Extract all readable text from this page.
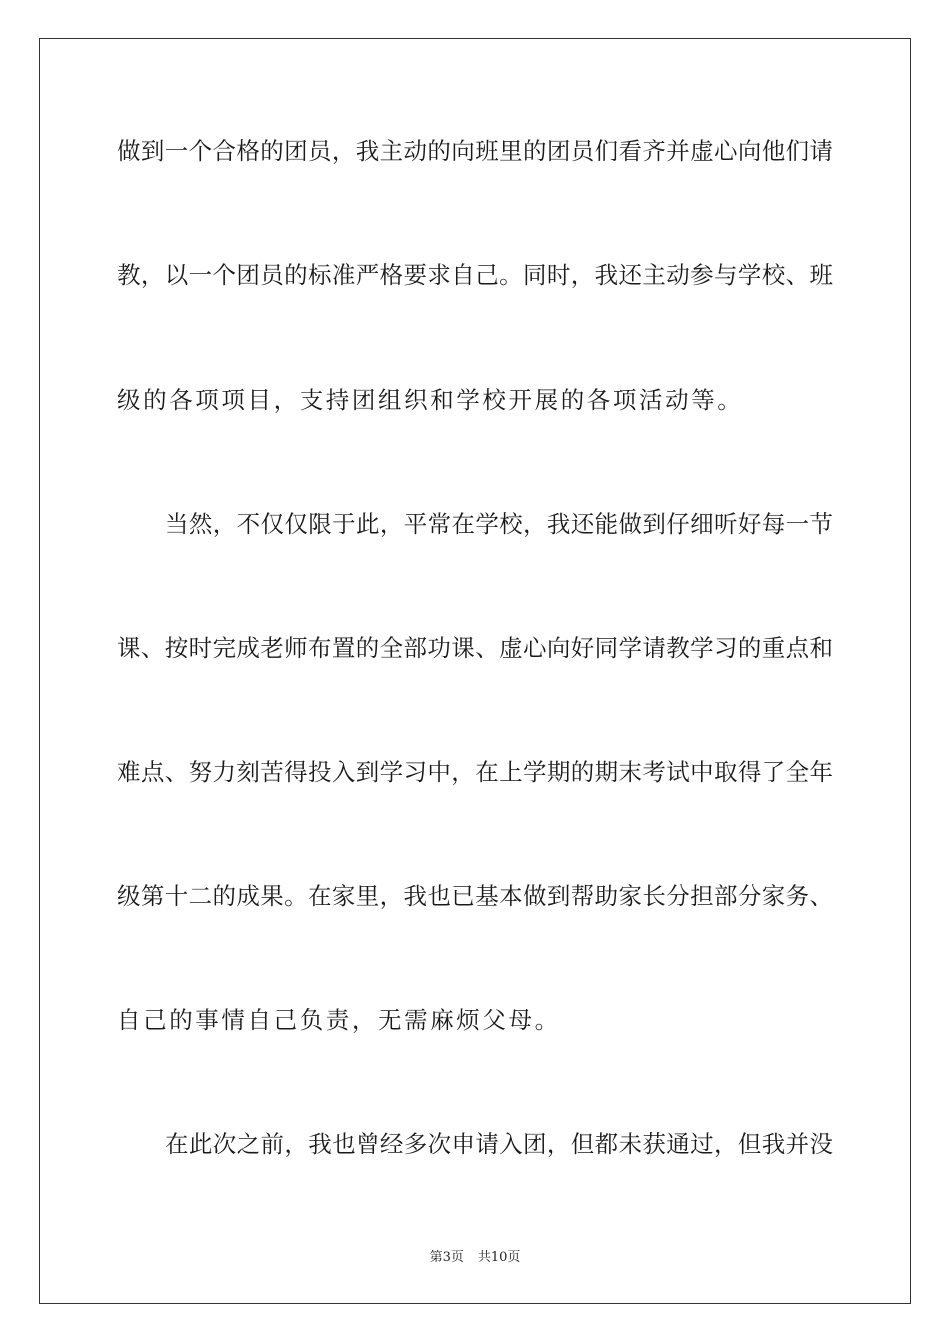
做到一个合格的团员，我主动的向班里的团员们看齐并虚心向他们请
教，以一个团员的标准严格要求自己。同时，我还主动参与学校、班
级的各项项目，支持团组织和学校开展的各项活动等。
当然，不仅仅限于此，平常在学校，我还能做到仔细听好每一节
课、按时完成老师布置的全部功课、虚心向好同学请教学习的重点和
难点、努力刻苦得投入到学习中，在上学期的期末考试中取得了全年
级第十二的成果。在家里，我也已基本做到帮助家长分担部分家务、
自己的事情自己负责，无需麻烦父母。
在此次之前，我也曾经多次申请入团，但都未获通过，但我并没
第3页 共10页
